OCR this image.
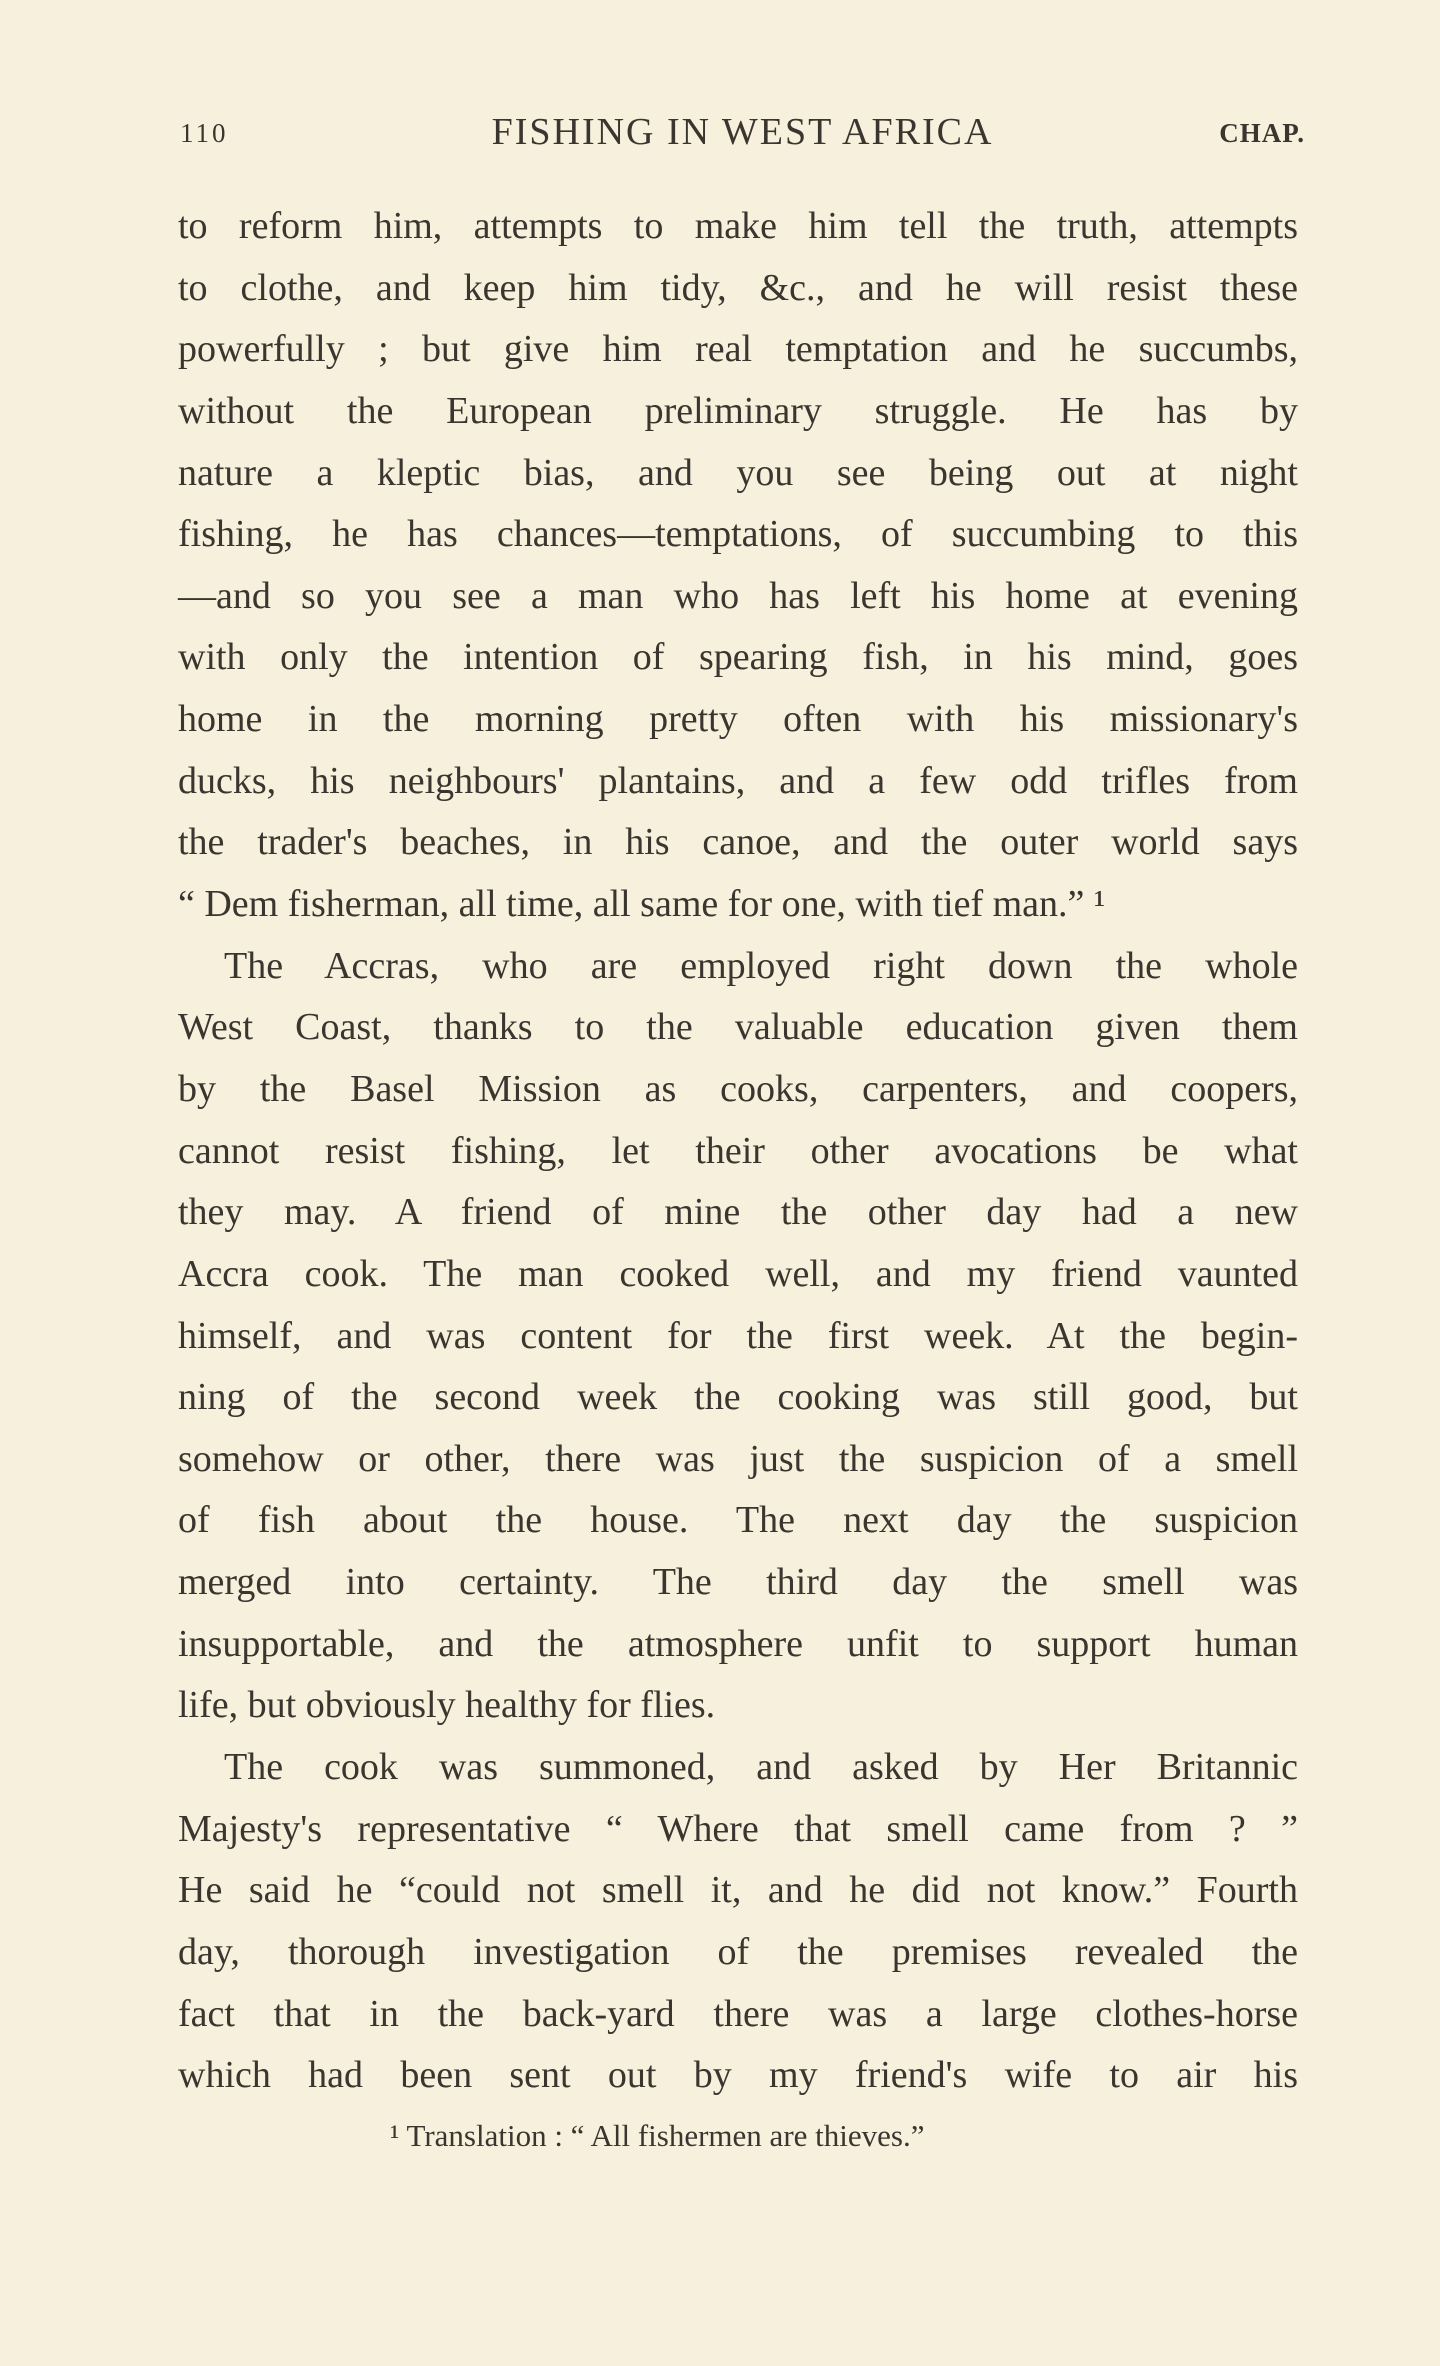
110	FISHING IN WEST AFRICA	CHAP.
to reform him, attempts to make him tell the truth, attempts
to clothe, and keep him tidy, &c., and he will resist these
powerfully ; but give him real temptation and he succumbs,
without the European preliminary struggle. He has by
nature a kleptic bias, and you see being out at night
fishing, he has chances—temptations, of succumbing to this
—and so you see a man who has left his home at evening
with only the intention of spearing fish, in his mind, goes
home in the morning pretty often with his missionary's
ducks, his neighbours' plantains, and a few odd trifles from
the trader's beaches, in his canoe, and the outer world says
“ Dem fisherman, all time, all same for one, with tief man.” ¹
The Accras, who are employed right down the whole
West Coast, thanks to the valuable education given them
by the Basel Mission as cooks, carpenters, and coopers,
cannot resist fishing, let their other avocations be what
they may. A friend of mine the other day had a new
Accra cook. The man cooked well, and my friend vaunted
himself, and was content for the first week. At the begin-
ning of the second week the cooking was still good, but
somehow or other, there was just the suspicion of a smell
of fish about the house. The next day the suspicion
merged into certainty. The third day the smell was
insupportable, and the atmosphere unfit to support human
life, but obviously healthy for flies.
The cook was summoned, and asked by Her Britannic
Majesty's representative “ Where that smell came from ? ”
He said he “could not smell it, and he did not know.” Fourth
day, thorough investigation of the premises revealed the
fact that in the back-yard there was a large clothes-horse
which had been sent out by my friend's wife to air his
¹ Translation : “ All fishermen are thieves.”
